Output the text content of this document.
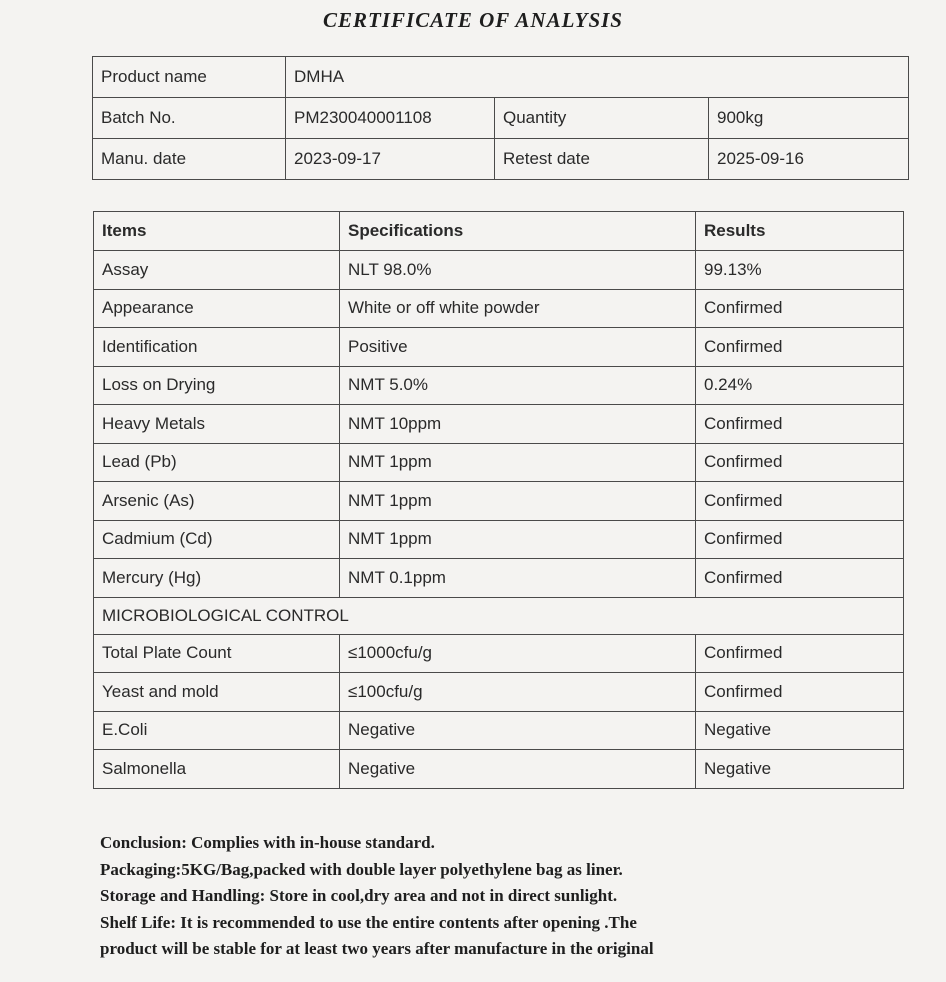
CERTIFICATE OF ANALYSIS
Product name	DMHA		
Batch No.	PM230040001108	Quantity	900kg
Manu. date	2023-09-17	Retest date	2025-09-16
Items	Specifications	Results
Assay	NLT 98.0%	99.13%
Appearance	White or off white powder	Confirmed
Identification	Positive	Confirmed
Loss on Drying	NMT 5.0%	0.24%
Heavy Metals	NMT 10ppm	Confirmed
Lead (Pb)	NMT 1ppm	Confirmed
Arsenic (As)	NMT 1ppm	Confirmed
Cadmium (Cd)	NMT 1ppm	Confirmed
Mercury (Hg)	NMT 0.1ppm	Confirmed
MICROBIOLOGICAL CONTROL		
Total Plate Count	≤1000cfu/g	Confirmed
Yeast and mold	≤100cfu/g	Confirmed
E.Coli	Negative	Negative
Salmonella	Negative	Negative
Conclusion: Complies with in-house standard.
Packaging:5KG/Bag,packed with double layer polyethylene bag as liner.
Storage and Handling: Store in cool,dry area and not in direct sunlight.
Shelf Life: It is recommended to use the entire contents after opening .The
product will be stable for at least two years after manufacture in the original
